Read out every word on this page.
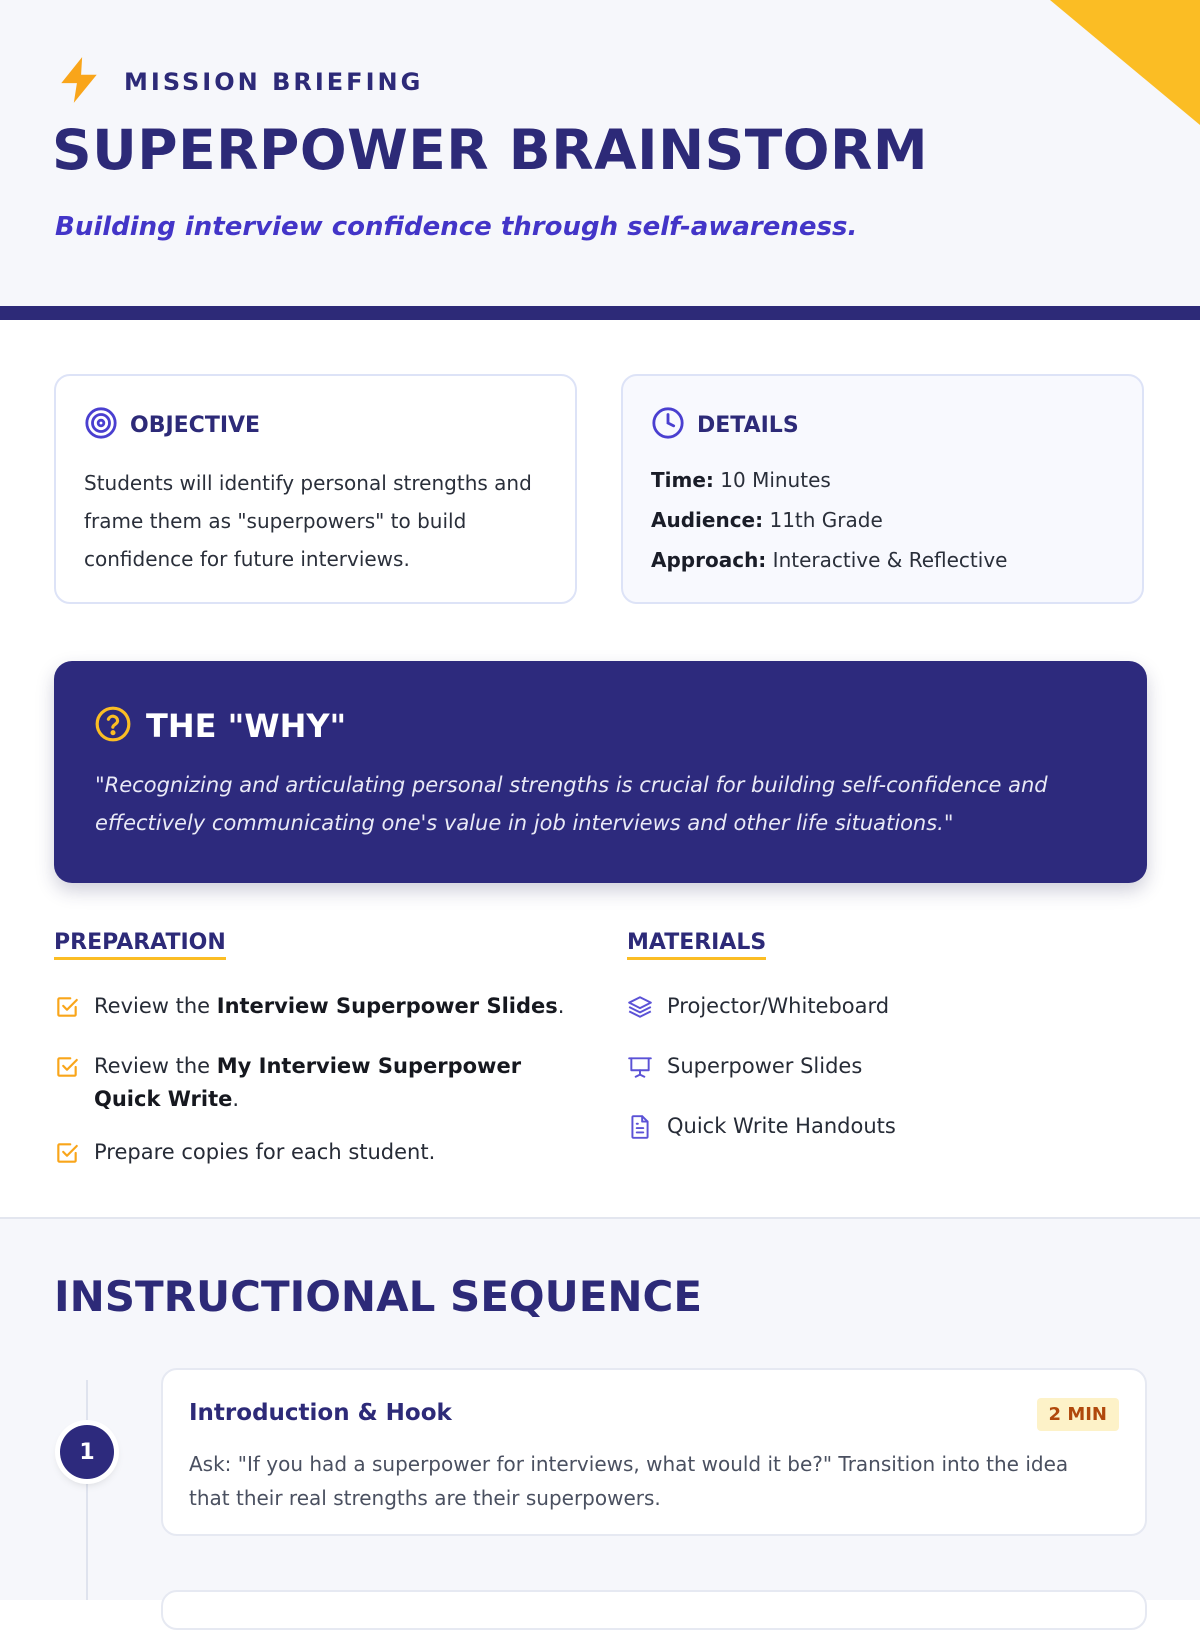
MISSION BRIEFING
SUPERPOWER BRAINSTORM

Building interview confidence through self-awareness.

OBJECTIVE
Students will identify personal strengths and frame them as "superpowers" to build confidence for future interviews.
DETAILS
Time: 10 Minutes
Audience: 11th Grade
Approach: Interactive & Reflective
THE "WHY"
"Recognizing and articulating personal strengths is crucial for building self-confidence and effectively communicating one's value in job interviews and other life situations."
PREPARATION
Review the Interview Superpower Slides.
Review the My Interview Superpower Quick Write.
Prepare copies for each student.
MATERIALS
Projector/Whiteboard
Superpower Slides
Quick Write Handouts
INSTRUCTIONAL SEQUENCE
Introduction & Hook	2 MIN
Ask: "If you had a superpower for interviews, what would it be?" Transition into the idea that their real strengths are their superpowers.
1
